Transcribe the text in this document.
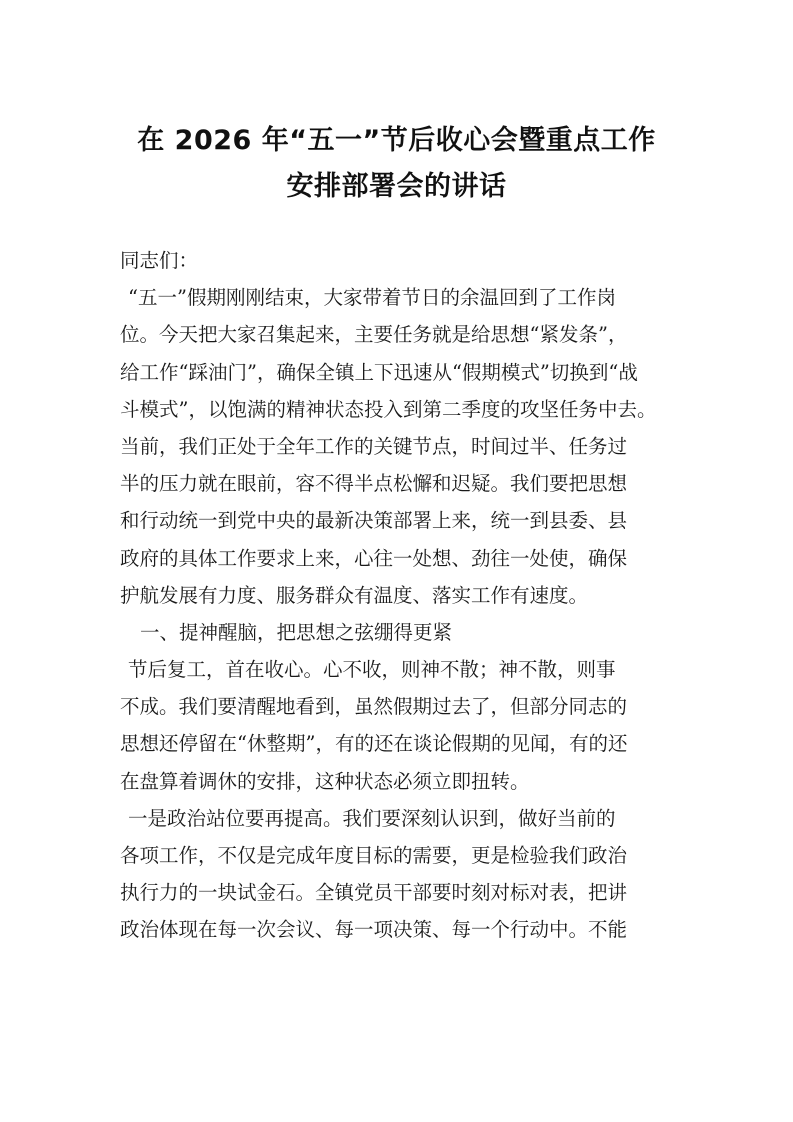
在 2026 年“五一”节后收心会暨重点工作
安排部署会的讲话
同志们：
“五一”假期刚刚结束，大家带着节日的余温回到了工作岗
位。今天把大家召集起来，主要任务就是给思想“紧发条”，
给工作“踩油门”，确保全镇上下迅速从“假期模式”切换到“战
斗模式”，以饱满的精神状态投入到第二季度的攻坚任务中去。
当前，我们正处于全年工作的关键节点，时间过半、任务过
半的压力就在眼前，容不得半点松懈和迟疑。我们要把思想
和行动统一到党中央的最新决策部署上来，统一到县委、县
政府的具体工作要求上来，心往一处想、劲往一处使，确保
护航发展有力度、服务群众有温度、落实工作有速度。
一、提神醒脑，把思想之弦绷得更紧
节后复工，首在收心。心不收，则神不散；神不散，则事
不成。我们要清醒地看到，虽然假期过去了，但部分同志的
思想还停留在“休整期”，有的还在谈论假期的见闻，有的还
在盘算着调休的安排，这种状态必须立即扭转。
一是政治站位要再提高。我们要深刻认识到，做好当前的
各项工作，不仅是完成年度目标的需要，更是检验我们政治
执行力的一块试金石。全镇党员干部要时刻对标对表，把讲
政治体现在每一次会议、每一项决策、每一个行动中。不能
